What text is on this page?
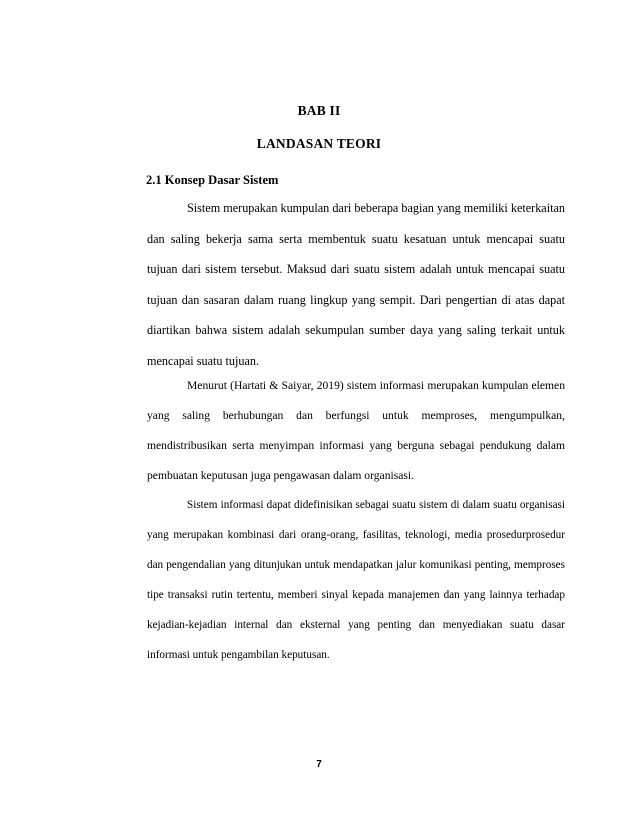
BAB II
LANDASAN TEORI
2.1 Konsep Dasar Sistem

Sistem merupakan kumpulan dari beberapa bagian yang memiliki keterkaitan dan saling bekerja sama serta membentuk suatu kesatuan untuk mencapai suatu tujuan dari sistem tersebut. Maksud dari suatu sistem adalah untuk mencapai suatu tujuan dan sasaran dalam ruang lingkup yang sempit. Dari pengertian di atas dapat diartikan bahwa sistem adalah sekumpulan sumber daya yang saling terkait untuk mencapai suatu tujuan.

Menurut (Hartati & Saiyar, 2019) sistem informasi merupakan kumpulan elemen yang saling berhubungan dan berfungsi untuk memproses, mengumpulkan, mendistribusikan serta menyimpan informasi yang berguna sebagai pendukung dalam pembuatan keputusan juga pengawasan dalam organisasi.

Sistem informasi dapat didefinisikan sebagai suatu sistem di dalam suatu organisasi yang merupakan kombinasi dari orang-orang, fasilitas, teknologi, media prosedurprosedur dan pengendalian yang ditunjukan untuk mendapatkan jalur komunikasi penting, memproses tipe transaksi rutin tertentu, memberi sinyal kepada manajemen dan yang lainnya terhadap kejadian-kejadian internal dan eksternal yang penting dan menyediakan suatu dasar informasi untuk pengambilan keputusan.

7
